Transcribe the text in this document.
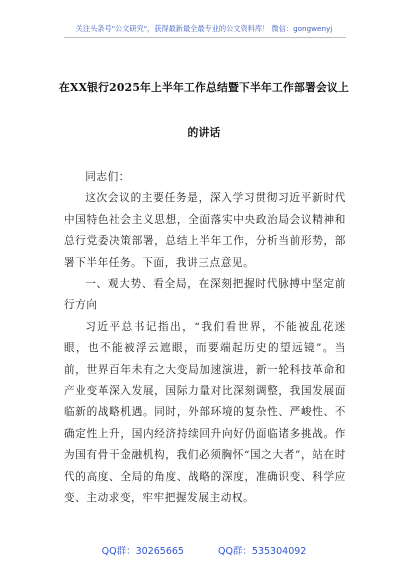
关注头条号"公文研究"，获得最新最全最专业的公文资料库！ 微信：gongwenyj
在XX银行2025年上半年工作总结暨下半年工作部署会议上
的讲话

同志们：

这次会议的主要任务是，深入学习贯彻习近平新时代中国特色社会主义思想，全面落实中央政治局会议精神和总行党委决策部署，总结上半年工作，分析当前形势，部署下半年任务。下面，我讲三点意见。

一、观大势、看全局，在深刻把握时代脉搏中坚定前行方向

习近平总书记指出，“我们看世界，不能被乱花迷眼，也不能被浮云遮眼，而要端起历史的望远镜”。当前，世界百年未有之大变局加速演进，新一轮科技革命和产业变革深入发展，国际力量对比深刻调整，我国发展面临新的战略机遇。同时，外部环境的复杂性、严峻性、不确定性上升，国内经济持续回升向好仍面临诸多挑战。作为国有骨干金融机构，我们必须胸怀“国之大者”，站在时代的高度、全局的角度、战略的深度，准确识变、科学应变、主动求变，牢牢把握发展主动权。

QQ群：30265665	QQ群：535304092
